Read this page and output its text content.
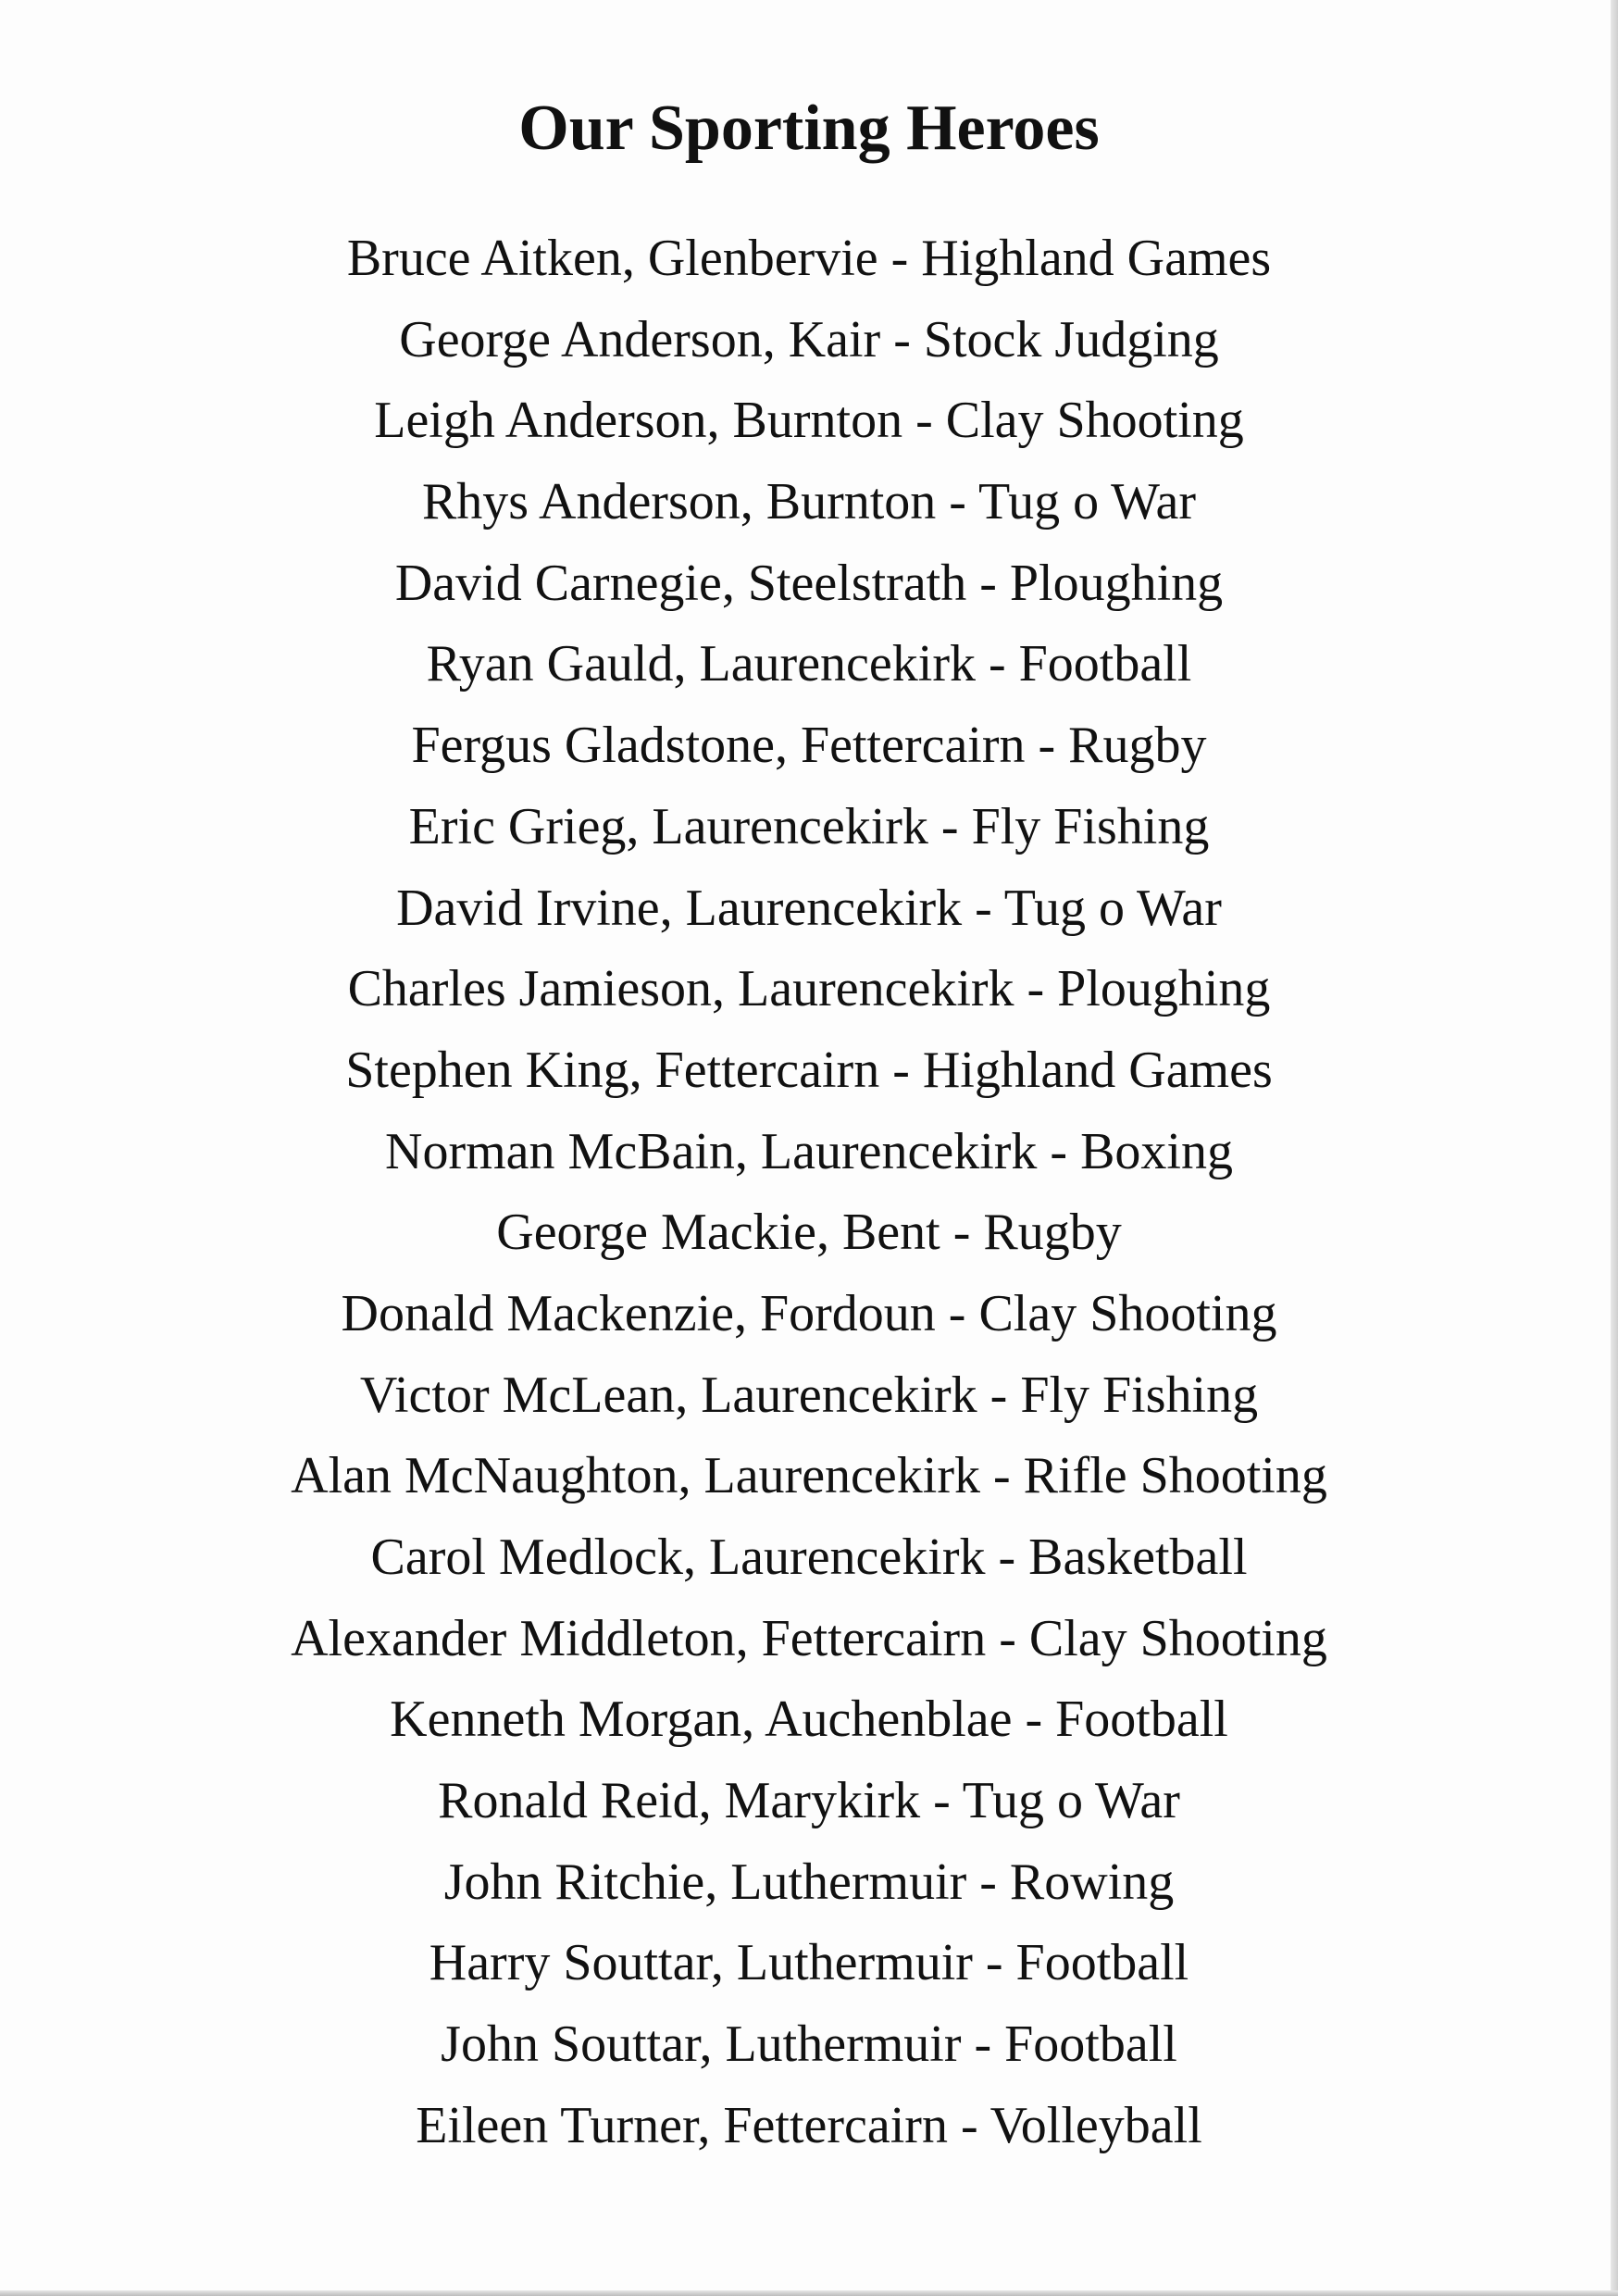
Our Sporting Heroes
Bruce Aitken, Glenbervie - Highland Games
George Anderson, Kair - Stock Judging
Leigh Anderson, Burnton - Clay Shooting
Rhys Anderson, Burnton - Tug o War
David Carnegie, Steelstrath - Ploughing
Ryan Gauld, Laurencekirk - Football
Fergus Gladstone, Fettercairn - Rugby
Eric Grieg, Laurencekirk - Fly Fishing
David Irvine, Laurencekirk - Tug o War
Charles Jamieson, Laurencekirk - Ploughing
Stephen King, Fettercairn - Highland Games
Norman McBain, Laurencekirk - Boxing
George Mackie, Bent - Rugby
Donald Mackenzie, Fordoun - Clay Shooting
Victor McLean, Laurencekirk - Fly Fishing
Alan McNaughton, Laurencekirk - Rifle Shooting
Carol Medlock, Laurencekirk - Basketball
Alexander Middleton, Fettercairn - Clay Shooting
Kenneth Morgan, Auchenblae - Football
Ronald Reid, Marykirk - Tug o War
John Ritchie, Luthermuir - Rowing
Harry Souttar, Luthermuir - Football
John Souttar, Luthermuir - Football
Eileen Turner, Fettercairn - Volleyball
